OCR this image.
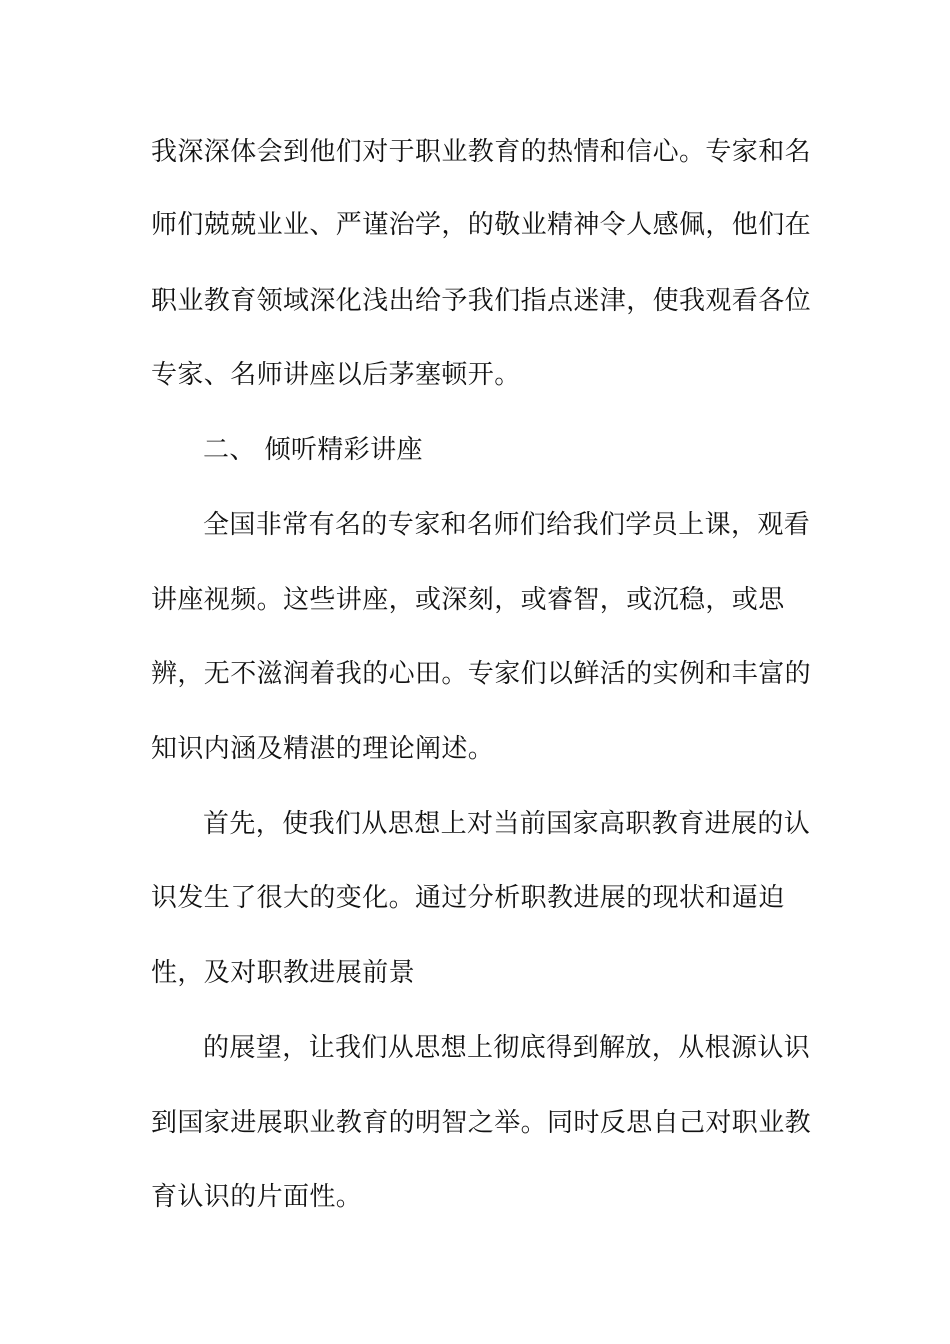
我深深体会到他们对于职业教育的热情和信心。专家和名
师们兢兢业业、严谨治学，的敬业精神令人感佩，他们在
职业教育领域深化浅出给予我们指点迷津，使我观看各位
专家、名师讲座以后茅塞顿开。
二、 倾听精彩讲座
全国非常有名的专家和名师们给我们学员上课，观看
讲座视频。这些讲座，或深刻，或睿智，或沉稳，或思
辨，无不滋润着我的心田。专家们以鲜活的实例和丰富的
知识内涵及精湛的理论阐述。
首先，使我们从思想上对当前国家高职教育进展的认
识发生了很大的变化。通过分析职教进展的现状和逼迫
性，及对职教进展前景
的展望，让我们从思想上彻底得到解放，从根源认识
到国家进展职业教育的明智之举。同时反思自己对职业教
育认识的片面性。
